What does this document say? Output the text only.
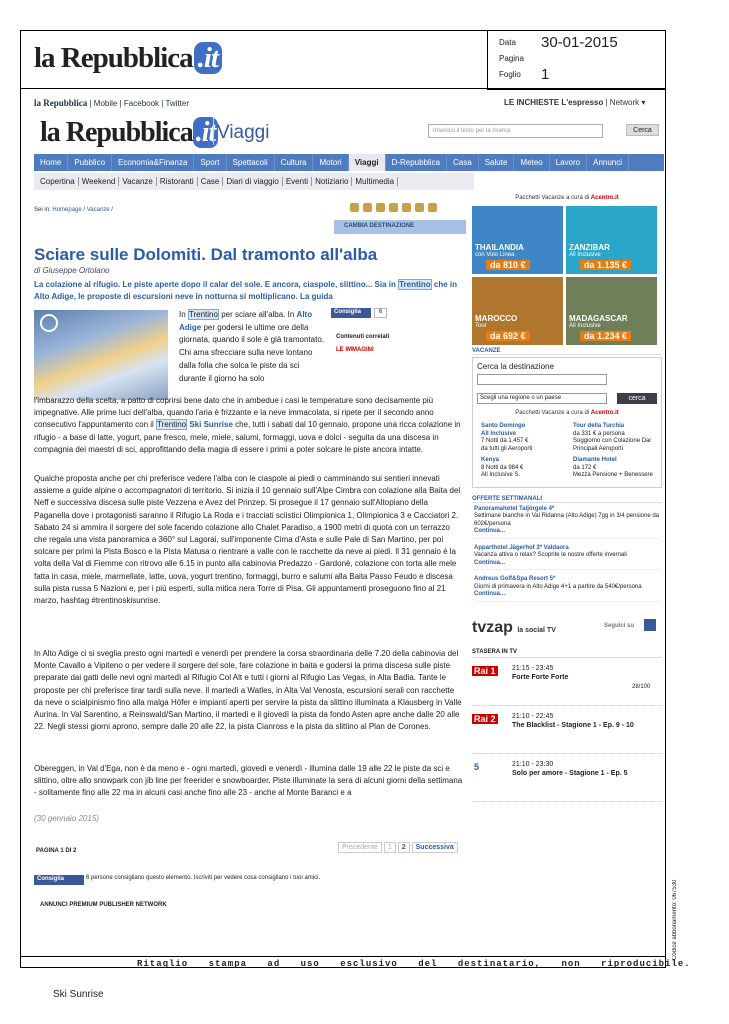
la Repubblica .it	Data	30-01-2015
Pagina
Foglio	1
la Repubblica | Mobile | Facebook | Twitter	LE INCHIESTE L'espresso | Network ▾
la Repubblica .it Viaggi	Inserisci il testo per la ricerca	Cerca
Home	Pubblico	Economia&Finanza	Sport	Spettacoli	Cultura	Motori	Viaggi	D-Repubblica	Casa	Salute	Meteo	Lavoro	Annunci
Copertina Weekend Vacanze Ristoranti Case Diari di viaggio Eventi Notiziario Multimedia
Sei in: Homepage / Vacanze /
CAMBIA DESTINAZIONE
Sciare sulle Dolomiti. Dal tramonto all'alba
di Giuseppe Ortolano
La colazione al rifugio. Le piste aperte dopo il calar del sole. E ancora, ciaspole, slittino... Sia in Trentino che in Alto Adige, le proposte di escursioni neve in notturna si moltiplicano. La guida
In Trentino per sciare all'alba. In Alto Adige per godersi le ultime ore della giornata, quando il sole è già tramontato. Chi ama sfrecciare sulla neve lontano dalla folla che solca le piste da sci durante il giorno ha solo
Consiglia	6
Contenuti correlati
LE IMMAGINI
l'imbarazzo della scelta, a patto di coprirsi bene dato che in ambedue i casi le temperature sono decisamente più impegnative. Alle prime luci dell'alba, quando l'aria è frizzante e la neve immacolata, si ripete per il secondo anno consecutivo l'appuntamento con il Trentino Ski Sunrise che, tutti i sabati dal 10 gennaio, propone una ricca colazione in rifugio - a base di latte, yogurt, pane fresco, mele, miele, salumi, formaggi, uova e dolci - seguita da una discesa in compagnia dei maestri di sci, approfittando della magia di essere i primi a poter solcare le piste ancora intatte.
Qualche proposta anche per chi preferisce vedere l'alba con le ciaspole ai piedi o camminando sui sentieri innevati assieme a guide alpine o accompagnatori di territorio. Si inizia il 10 gennaio sull'Alpe Cimbra con colazione alla Baita del Neff e successiva discesa sulle piste Vezzena e Avez del Prinzep. Si prosegue il 17 gennaio sull'Altopiano della Paganella dove i protagonisti saranno il Rifugio La Roda e i tracciati sciistici Olimpionica 1, Olimpionica 3 e Cacciatori 2. Sabato 24 si ammira il sorgere del sole facendo colazione allo Chalet Paradiso, a 1900 metri di quota con un terrazzo che regala una vista panoramica a 360° sul Lagorai, sull'imponente Cima d'Asta e sulle Pale di San Martino, per poi solcare per primi la Pista Bosco e la Pista Matusa o rientrare a valle con le racchette da neve ai piedi. Il 31 gennaio è la volta della Val di Fiemme con ritrovo alle 6.15 in punto alla cabinovia Predazzo - Gardonè, colazione con torta alle mele fatta in casa, miele, marmellate, latte, uova, yogurt trentino, formaggi, burro e salumi alla Baita Passo Feudo e discesa sulla pista russa 5 Nazioni e, per i più esperti, sulla mitica nera Torre di Pisa. Gli appuntamenti proseguono fino al 21 marzo, hashtag #trentinoskisunrise.
In Alto Adige ci si sveglia presto ogni martedì e venerdì per prendere la corsa straordinaria delle 7.20 della cabinovia del Monte Cavallo a Vipiteno o per vedere il sorgere del sole, fare colazione in baita e godersi la prima discesa sulle piste preparate dai gatti delle nevi ogni martedì al Rifugio Col Alt e tutti i giorni al Rifugio Las Vegas, in Alta Badia. Tante le proposte per chi preferisce tirar tardi sulla neve. Il martedì a Watles, in Alta Val Venosta, escursioni serali con racchette da neve o scialpinismo fino alla malga Höfer e impianti aperti per servire la pista da slittino illuminata a Klausberg in Valle Aurina. In Val Sarentino, a Reinswald/San Martino, il martedì e il giovedì la pista da fondo Asten apre anche dalle 20 alle 22. Negli stessi giorni aprono, sempre dalle 20 alle 22, la pista Cianross e la pista da slittino al Plan de Corones.
Obereggen, in Val d'Ega, non è da meno e - ogni martedì, giovedì e venerdì - illumina dalle 19 alle 22 le piste da sci e slittino, oltre allo snowpark con jib line per freerider e snowboarder. Piste illuminate la sera di alcuni giorni della settimana - solitamente fino alle 22 ma in alcuni casi anche fino alle 23 - anche al Monte Baranci e a
(30 gennaio 2015)
PAGINA 1 DI 2	Precedente	1	2	Successiva
Consiglia	6 persone consigliano questo elemento. Iscriviti per vedere cosa consigliano i tuoi amici.
ANNUNCI PREMIUM PUBLISHER NETWORK
Pacchetti Vacanze a cura di Acentro.it
THAILANDIA
con Volo Linea
da 810 €
ZANZIBAR
All Inclusive
da 1.135 €
MAROCCO
Tour
da 692 €
MADAGASCAR
All Inclusive
da 1.234 €
VACANZE
Cerca la destinazione
Scegli una regione o un paese	cerca
Pacchetti Vacanze a cura di Acentro.it
Santo Domingo
All Inclusive
7 Notti da 1.457 €
da tutti gli Aeroporti
Tour della Turchia
da 331 € a persona
Soggiorno con Colazione Dai Principali Aeroporti
Kenya
8 Notti da 984 €
All Inclusive S.
Diamante Hotel
da 172 €
Mezza Pensione + Benessere
OFFERTE SETTIMANALI
Panoramahotel Taljörgele 4*
Settimane bianche in Val Ridanna (Alto Adige) 7gg in 3/4 pensione da 602€/persona
Continua...
Apparthotel Jägerhof 3* Valdaora
Vacanza attiva o relax? Scoprite le nostre offerte invernali
Continua...
Andreus Golf&Spa Resort 5*
Giorni di primavera in Alto Adige 4+1 a partire da 540€/persona
Continua...
tvzap la social TV
Seguici su
STASERA IN TV
Rai 1	21:15 - 23:45
Forte Forte Forte
28/100
Rai 2	21:10 - 22:45
The Blacklist - Stagione 1 - Ep. 9 - 10
5	21:10 - 23:30
Solo per amore - Stagione 1 - Ep. 5
Ritaglio stampa ad uso esclusivo del destinatario, non riproducibile.
Codice abbonamento: 067530
Ski Sunrise
